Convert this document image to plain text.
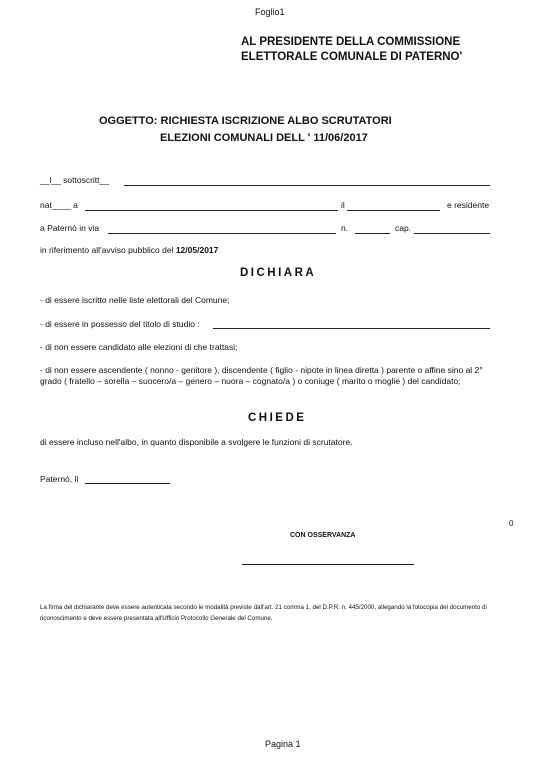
Foglio1
AL PRESIDENTE DELLA COMMISSIONE
ELETTORALE COMUNALE DI PATERNO'
OGGETTO: RICHIESTA ISCRIZIONE ALBO SCRUTATORI
ELEZIONI COMUNALI DELL ' 11/06/2017
__l__ sottoscritt__
nat____ a	il	e residente
a Paternò in via	n.	cap.
in riferimento all'avviso pubblico del 12/05/2017
DICHIARA
- di essere iscritto nelle liste elettorali del Comune;
- di essere in possesso del titolo di studio :
- di non essere candidato alle elezioni di che trattasi;
- di non essere ascendente ( nonno - genitore ), discendente ( figlio - nipote in linea diretta ) parente o affine sino al 2° grado ( fratello – sorella – suocero/a – genero – nuora – cognato/a ) o coniuge ( marito o moglie ) del candidato;
CHIEDE
di essere incluso nell'albo, in quanto disponibile a svolgere le funzioni di scrutatore.
Paternò, lì
0
CON OSSERVANZA
La firma del dichiarante deve essere autenticata secondo le modalità previste dall'art. 21 comma 1, del D.P.R. n. 445/2000, allegando la fotocopia del documento di riconoscimento e deve essere presentata all'Ufficio Protocollo Generale del Comune.
Pagina 1
